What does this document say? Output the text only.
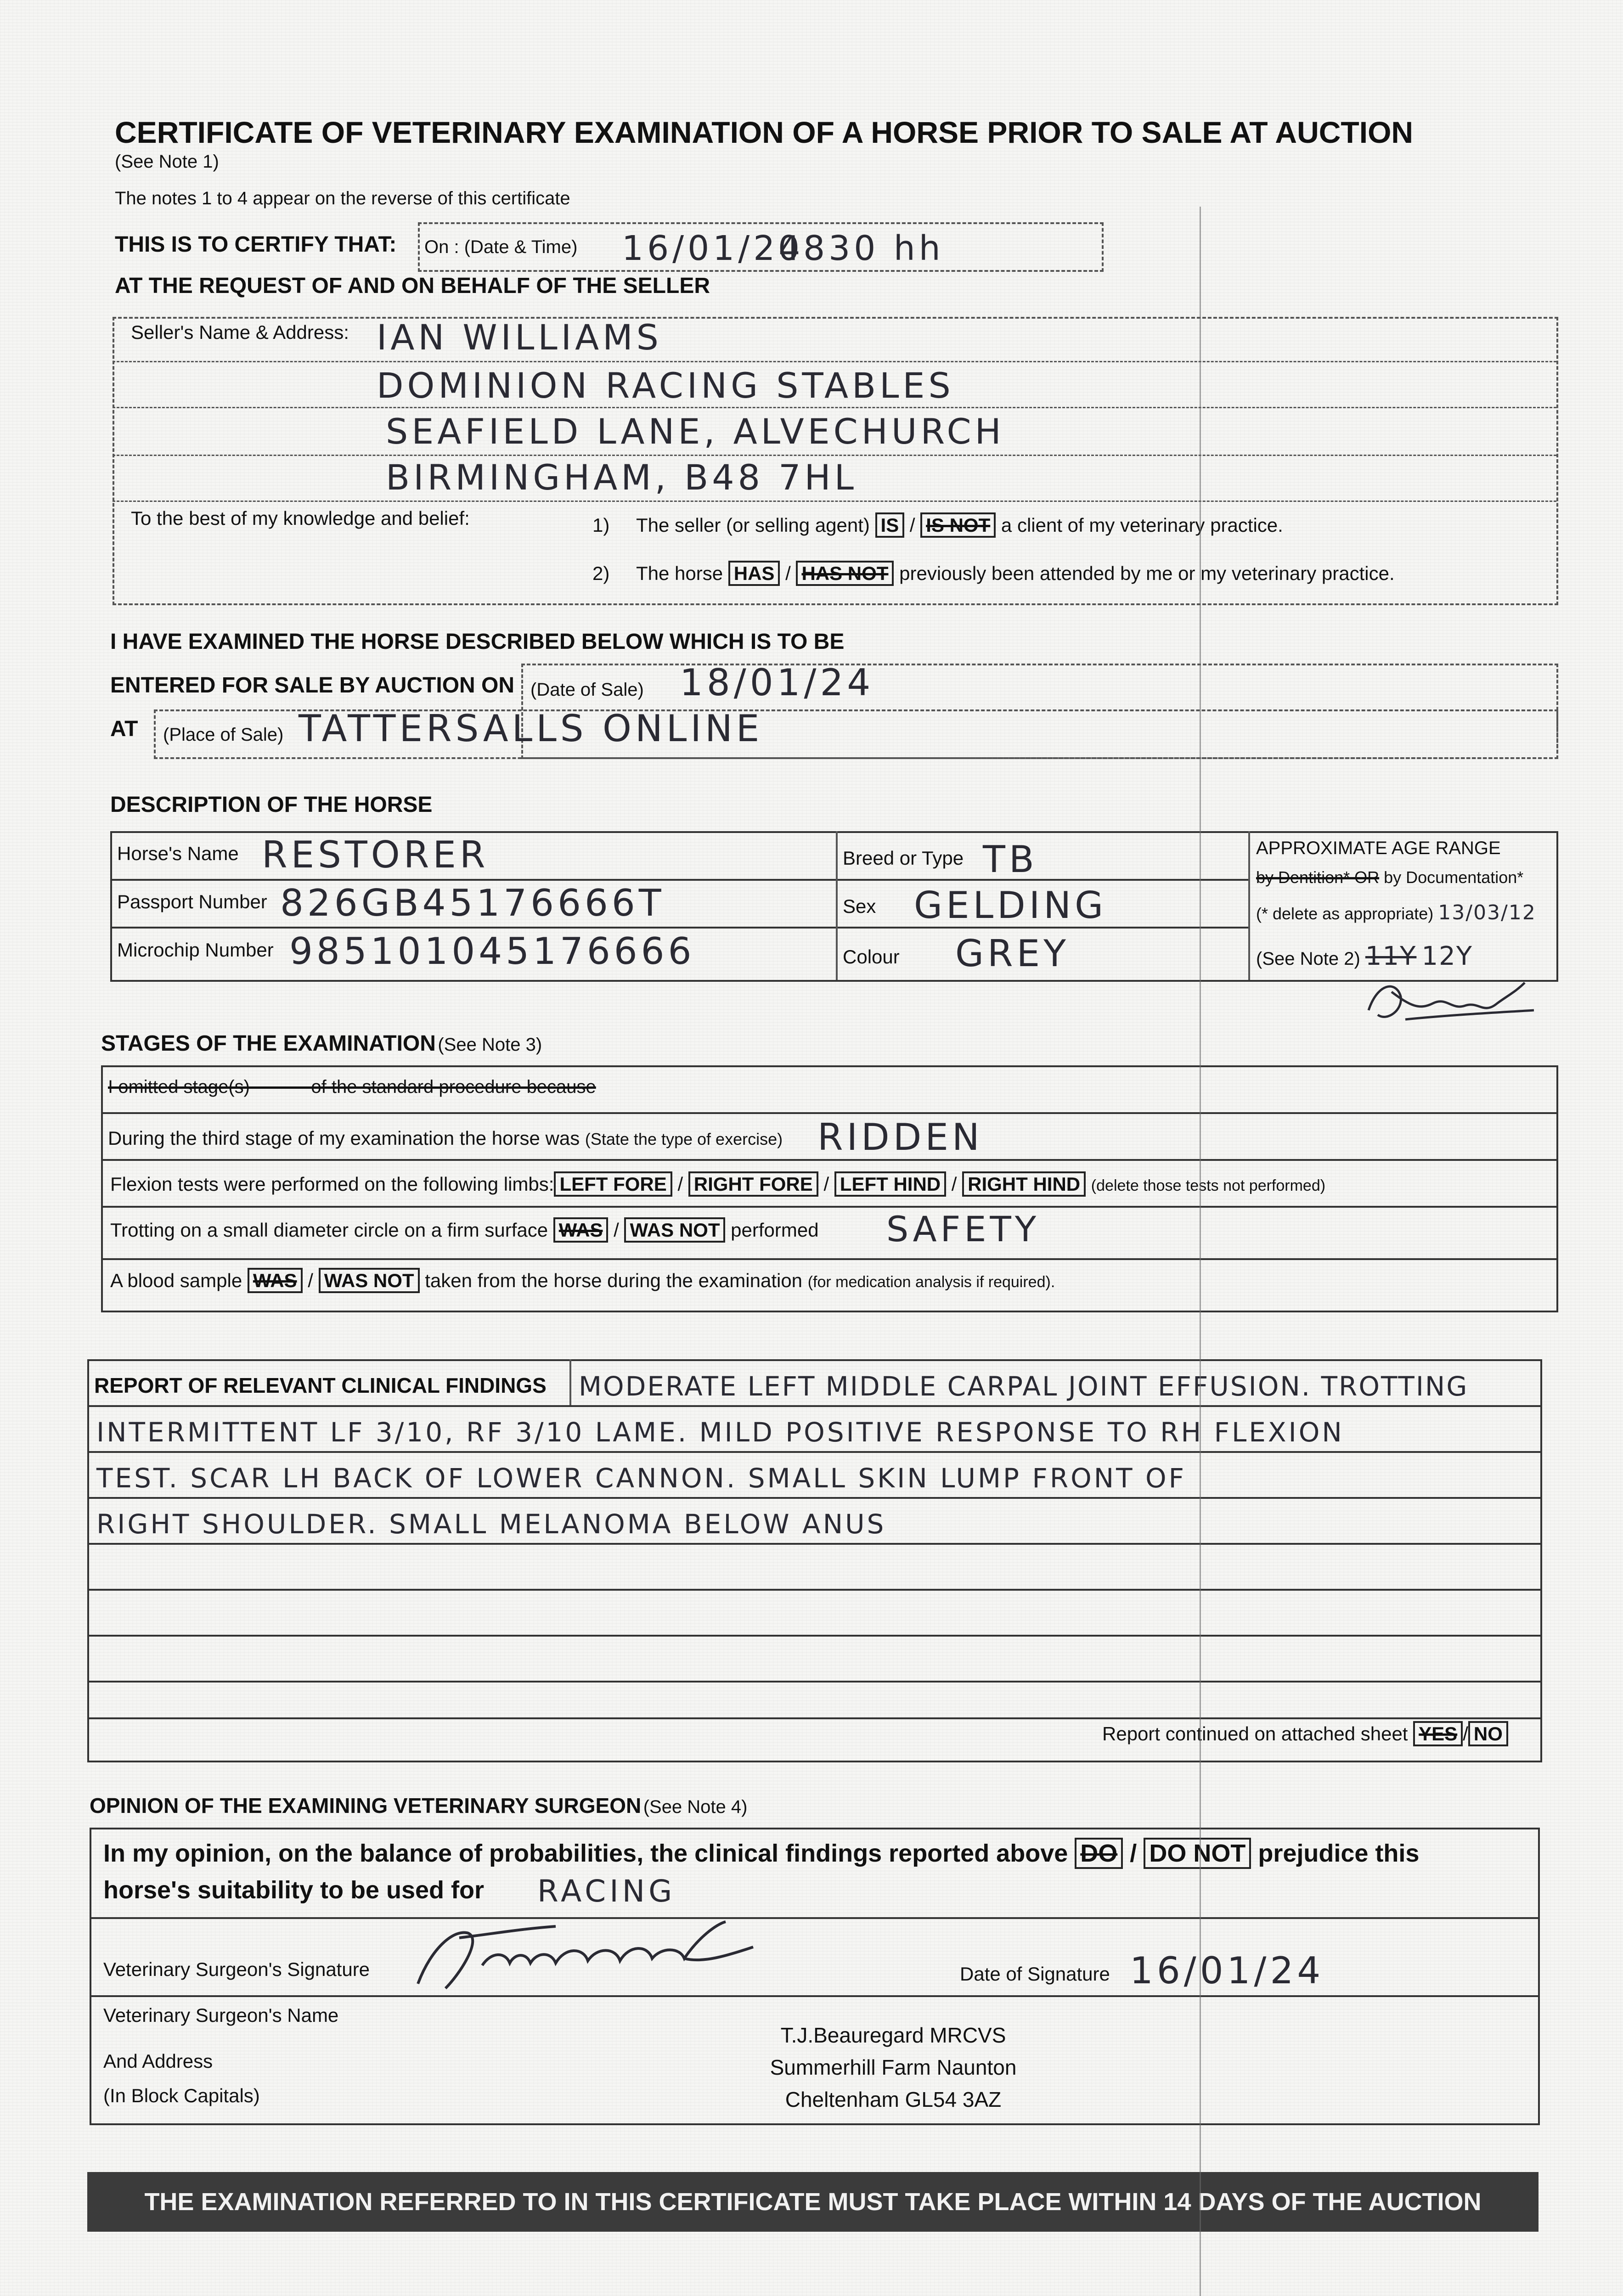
CERTIFICATE OF VETERINARY EXAMINATION OF A HORSE PRIOR TO SALE AT AUCTION
(See Note 1)
The notes 1 to 4 appear on the reverse of this certificate
THIS IS TO CERTIFY THAT: On : (Date & Time) 16/01/24
0830 hh
AT THE REQUEST OF AND ON BEHALF OF THE SELLER
Seller's Name & Address: IAN WILLIAMS
DOMINION RACING STABLES
SEAFIELD LANE, ALVECHURCH
BIRMINGHAM, B48 7HL
To the best of my knowledge and belief:	1) The seller (or selling agent) IS / IS NOT a client of my veterinary practice.
2) The horse HAS / HAS NOT previously been attended by me or my veterinary practice.
I HAVE EXAMINED THE HORSE DESCRIBED BELOW WHICH IS TO BE
ENTERED FOR SALE BY AUCTION ON (Date of Sale) 18/01/24
AT (Place of Sale) TATTERSALLS ONLINE
DESCRIPTION OF THE HORSE
Horse's Name RESTORER
Passport Number 826GB45176666T
Microchip Number 985101045176666
Breed or Type TB
Sex GELDING
Colour GREY
APPROXIMATE AGE RANGE
by Dentition* OR by Documentation*
(* delete as appropriate) 13/03/12
(See Note 2) 11Y 12Y
STAGES OF THE EXAMINATION (See Note 3)
I omitted stage(s)            of the standard procedure because
During the third stage of my examination the horse was (State the type of exercise) RIDDEN
Flexion tests were performed on the following limbs: LEFT FORE / RIGHT FORE / LEFT HIND / RIGHT HIND (delete those tests not performed)
Trotting on a small diameter circle on a firm surface WAS / WAS NOT performed SAFETY
A blood sample WAS / WAS NOT taken from the horse during the examination (for medication analysis if required).
REPORT OF RELEVANT CLINICAL FINDINGS MODERATE LEFT MIDDLE CARPAL JOINT EFFUSION. TROTTING
INTERMITTENT LF 3/10, RF 3/10 LAME. MILD POSITIVE RESPONSE TO RH FLEXION
TEST. SCAR LH BACK OF LOWER CANNON. SMALL SKIN LUMP FRONT OF
RIGHT SHOULDER. SMALL MELANOMA BELOW ANUS
Report continued on attached sheet YES / NO
OPINION OF THE EXAMINING VETERINARY SURGEON (See Note 4)
In my opinion, on the balance of probabilities, the clinical findings reported above DO / DO NOT prejudice this
horse's suitability to be used for RACING
Veterinary Surgeon's Signature	Date of Signature 16/01/24
Veterinary Surgeon's Name
And Address
(In Block Capitals)
T.J.Beauregard MRCVS
Summerhill Farm Naunton
Cheltenham GL54 3AZ
THE EXAMINATION REFERRED TO IN THIS CERTIFICATE MUST TAKE PLACE WITHIN 14 DAYS OF THE AUCTION
